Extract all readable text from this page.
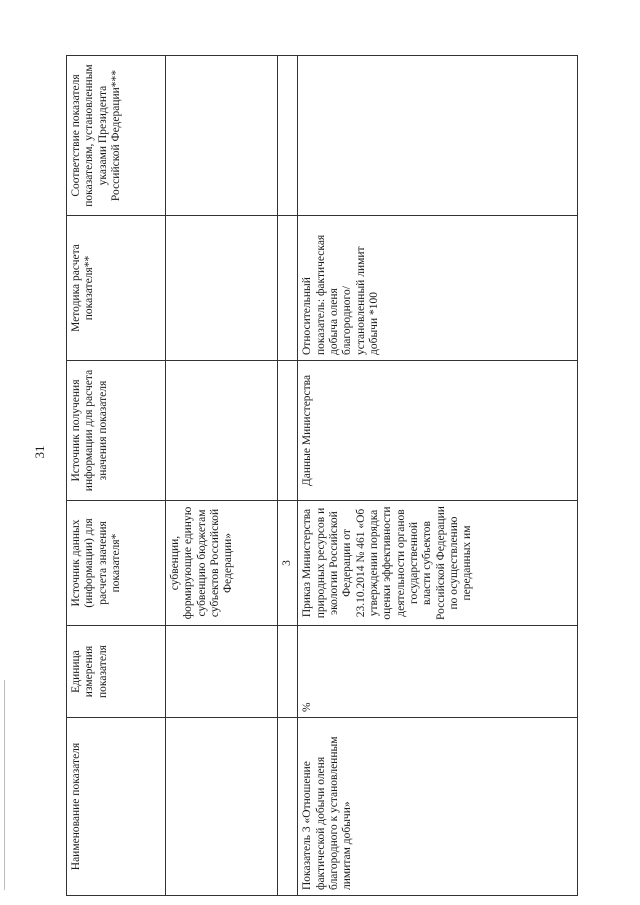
31
Наименование показателя	Единица измерения показателя	Источник данных (информации) для расчета значения показателя*	Источник получения информации для расчета значения показателя	Методика расчета показателя**	Соответствие показателя показателям, установленным указами Президента Российской Федерации***
		субвенции, формирующие единую субвенцию бюджетам субъектов Российской Федерации»			
		3			
Показатель 3 «Отношение фактической добычи оленя благородного к установленным лимитам добычи»	%	Приказ Министерства природных ресурсов и экологии Российской Федерации от 23.10.2014 № 461 «Об утверждении порядка оценки эффективности деятельности органов государственной власти субъектов Российской Федерации по осуществлению переданных им	Данные Министерства	Относительный показатель: фактическая добыча оленя благородного/ установленный лимит добычи *100	
